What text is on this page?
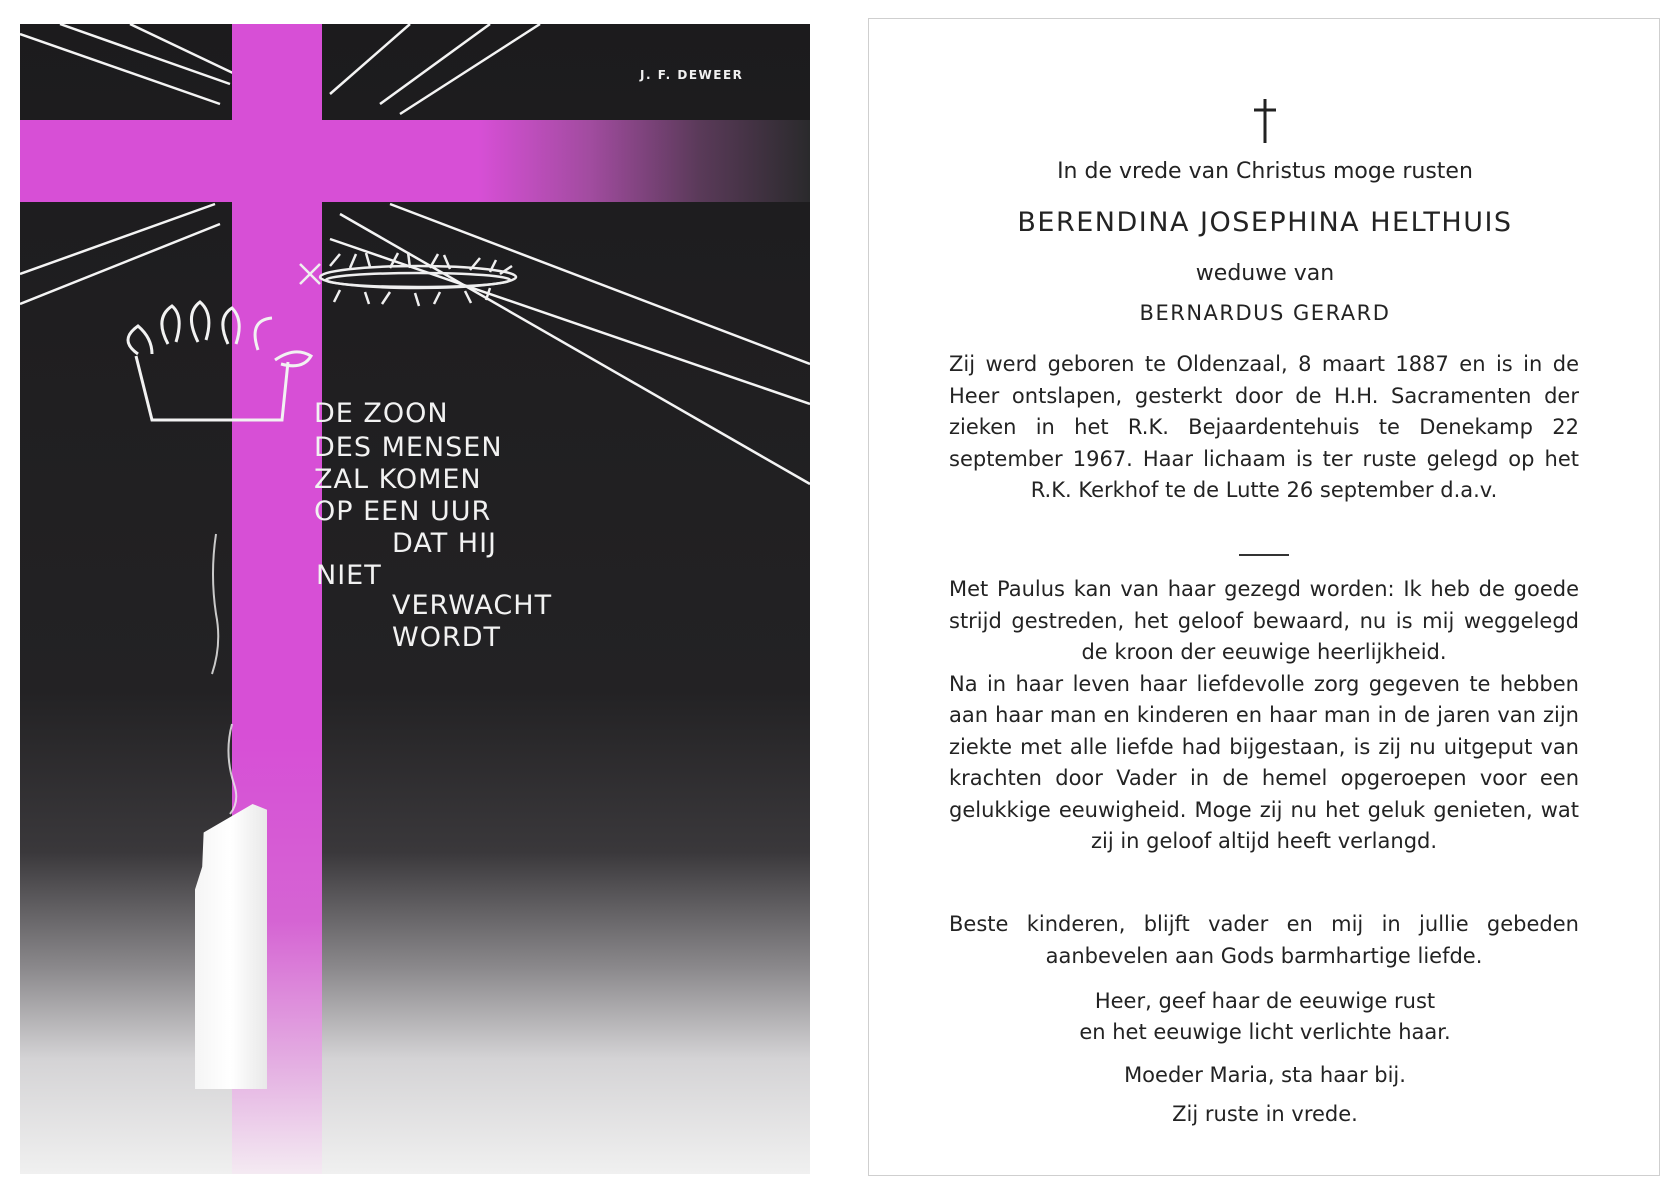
J. F. DEWEER
DE ZOON
DES MENSEN
ZAL KOMEN
OP EEN UUR
DAT HIJ
NIET
VERWACHT
WORDT
In de vrede van Christus moge rusten
BERENDINA JOSEPHINA HELTHUIS
weduwe van
BERNARDUS GERARD
Zij werd geboren te Oldenzaal, 8 maart 1887 en is in de Heer ontslapen, gesterkt door de H.H. Sacramenten der zieken in het R.K. Bejaardentehuis te Denekamp 22 september 1967. Haar lichaam is ter ruste gelegd op het R.K. Kerkhof te de Lutte 26 september d.a.v.
Met Paulus kan van haar gezegd worden: Ik heb de goede strijd gestreden, het geloof bewaard, nu is mij weggelegd de kroon der eeuwige heerlijkheid.
Na in haar leven haar liefdevolle zorg gegeven te hebben aan haar man en kinderen en haar man in de jaren van zijn ziekte met alle liefde had bijgestaan, is zij nu uitgeput van krachten door Vader in de hemel opgeroepen voor een gelukkige eeuwigheid. Moge zij nu het geluk genieten, wat zij in geloof altijd heeft verlangd.
Beste kinderen, blijft vader en mij in jullie gebeden aanbevelen aan Gods barmhartige liefde.
Heer, geef haar de eeuwige rust
en het eeuwige licht verlichte haar.
Moeder Maria, sta haar bij.
Zij ruste in vrede.
